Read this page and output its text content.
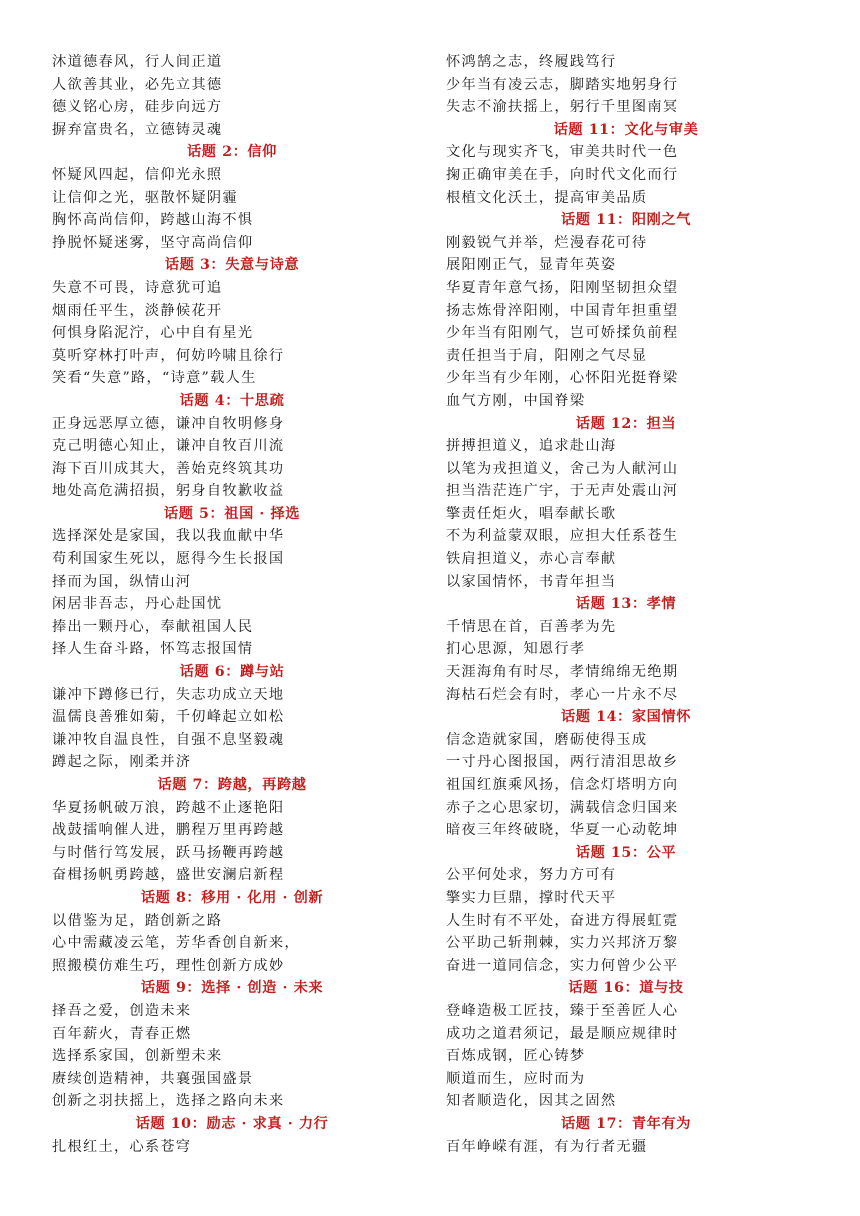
沐道德春风，行人间正道
人欲善其业，必先立其德
德义铭心房，硅步向远方
摒弃富贵名，立德铸灵魂
话题 2：信仰
怀疑风四起，信仰光永照
让信仰之光，驱散怀疑阴霾
胸怀高尚信仰，跨越山海不惧
挣脱怀疑迷雾，坚守高尚信仰
话题 3：失意与诗意
失意不可畏，诗意犹可追
烟雨任平生，淡静候花开
何惧身陷泥泞，心中自有星光
莫听穿林打叶声，何妨吟啸且徐行
笑看“失意”路，“诗意”载人生
话题 4：十思疏
正身远恶厚立德，谦冲自牧明修身
克己明德心知止，谦冲自牧百川流
海下百川成其大，善始克终筑其功
地处高危满招损，躬身自牧歉收益
话题 5：祖国 · 择选
选择深处是家国，我以我血献中华
苟利国家生死以，愿得今生长报国
择而为国，纵情山河
闲居非吾志，丹心赴国忧
捧出一颗丹心，奉献祖国人民
择人生奋斗路，怀笃志报国情
话题 6：蹲与站
谦冲下蹲修已行，失志功成立天地
温儒良善雅如菊，千仞峰起立如松
谦冲牧自温良性，自强不息坚毅魂
蹲起之际，刚柔并济
话题 7：跨越，再跨越
华夏扬帆破万浪，跨越不止逐艳阳
战鼓擂响催人进，鹏程万里再跨越
与时偕行笃发展，跃马扬鞭再跨越
奋楫扬帆勇跨越，盛世安澜启新程
话题 8：移用 · 化用 · 创新
以借鉴为足，踏创新之路
心中需藏凌云笔，芳华香创自新来，
照搬模仿难生巧，理性创新方成妙
话题 9：选择 · 创造 · 未来
择吾之爱，创造未来
百年薪火，青春正燃
选择系家国，创新塑未来
赓续创造精神，共襄强国盛景
创新之羽扶摇上，选择之路向未来
话题 10：励志 · 求真 · 力行
扎根红土，心系苍穹
怀鸿鹄之志，终履践笃行
少年当有凌云志，脚踏实地躬身行
失志不渝扶摇上，躬行千里图南冥
话题 11：文化与审美
文化与现实齐飞，审美共时代一色
掬正确审美在手，向时代文化而行
根植文化沃土，提高审美品质
话题 11：阳刚之气
刚毅锐气并举，烂漫春花可待
展阳刚正气，显青年英姿
华夏青年意气扬，阳刚坚韧担众望
扬志炼骨淬阳刚，中国青年担重望
少年当有阳刚气，岂可娇揉负前程
责任担当于肩，阳刚之气尽显
少年当有少年刚，心怀阳光挺脊梁
血气方刚，中国脊梁
话题 12：担当
拼搏担道义，追求赴山海
以笔为戎担道义，舍己为人献河山
担当浩茫连广宇，于无声处震山河
擎责任炬火，唱奉献长歌
不为利益蒙双眼，应担大任系苍生
铁肩担道义，赤心言奉献
以家国情怀，书青年担当
话题 13：孝情
千情思在首，百善孝为先
扪心思源，知恩行孝
天涯海角有时尽，孝情绵绵无绝期
海枯石烂会有时，孝心一片永不尽
话题 14：家国情怀
信念造就家国，磨砺使得玉成
一寸丹心图报国，两行清泪思故乡
祖国红旗乘风扬，信念灯塔明方向
赤子之心思家切，满载信念归国来
暗夜三年终破晓，华夏一心动乾坤
话题 15：公平
公平何处求，努力方可有
擎实力巨鼎，撑时代天平
人生时有不平处，奋进方得展虹霓
公平助己斩荆棘，实力兴邦济万黎
奋进一道同信念，实力何曾少公平
话题 16：道与技
登峰造极工匠技，臻于至善匠人心
成功之道君须记，最是顺应规律时
百炼成钢，匠心铸梦
顺道而生，应时而为
知者顺造化，因其之固然
话题 17：青年有为
百年峥嵘有涯，有为行者无疆
